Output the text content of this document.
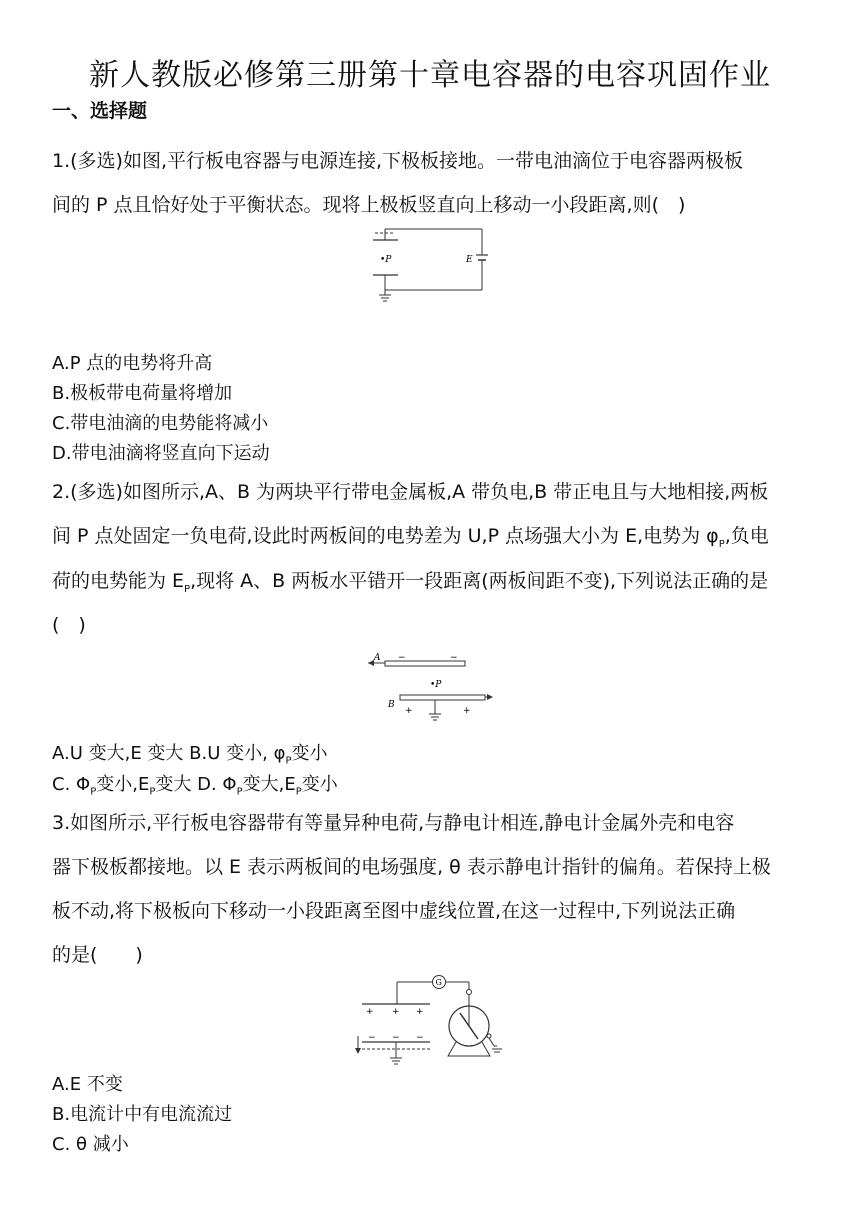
新人教版必修第三册第十章电容器的电容巩固作业
一、选择题
1.(多选)如图,平行板电容器与电源连接,下极板接地。一带电油滴位于电容器两极板
间的 P 点且恰好处于平衡状态。现将上极板竖直向上移动一小段距离,则(　)
•P	E
A.P 点的电势将升高
B.极板带电荷量将增加
C.带电油滴的电势能将减小
D.带电油滴将竖直向下运动
2.(多选)如图所示,A、B 为两块平行带电金属板,A 带负电,B 带正电且与大地相接,两板
间 P 点处固定一负电荷,设此时两板间的电势差为 U,P 点场强大小为 E,电势为 $\varphi_P$,负电
荷的电势能为 $E_P$,现将 A、B 两板水平错开一段距离(两板间距不变),下列说法正确的是
(　)
A −	−
•P
B
+	+
A.U 变大,E 变大 B.U 变小, $\varphi_P$变小
C. $\Phi_P$变小$,E_P$变大 D. $\Phi_P$变大$,E_P$变小
3.如图所示,平行板电容器带有等量异种电荷,与静电计相连,静电计金属外壳和电容
器下极板都接地。以 E 表示两板间的电场强度, θ 表示静电计指针的偏角。若保持上极
板不动,将下极板向下移动一小段距离至图中虚线位置,在这一过程中,下列说法正确
的是(　　)
+ + +
G
− − −
A.E 不变
B.电流计中有电流流过
C. θ 减小
